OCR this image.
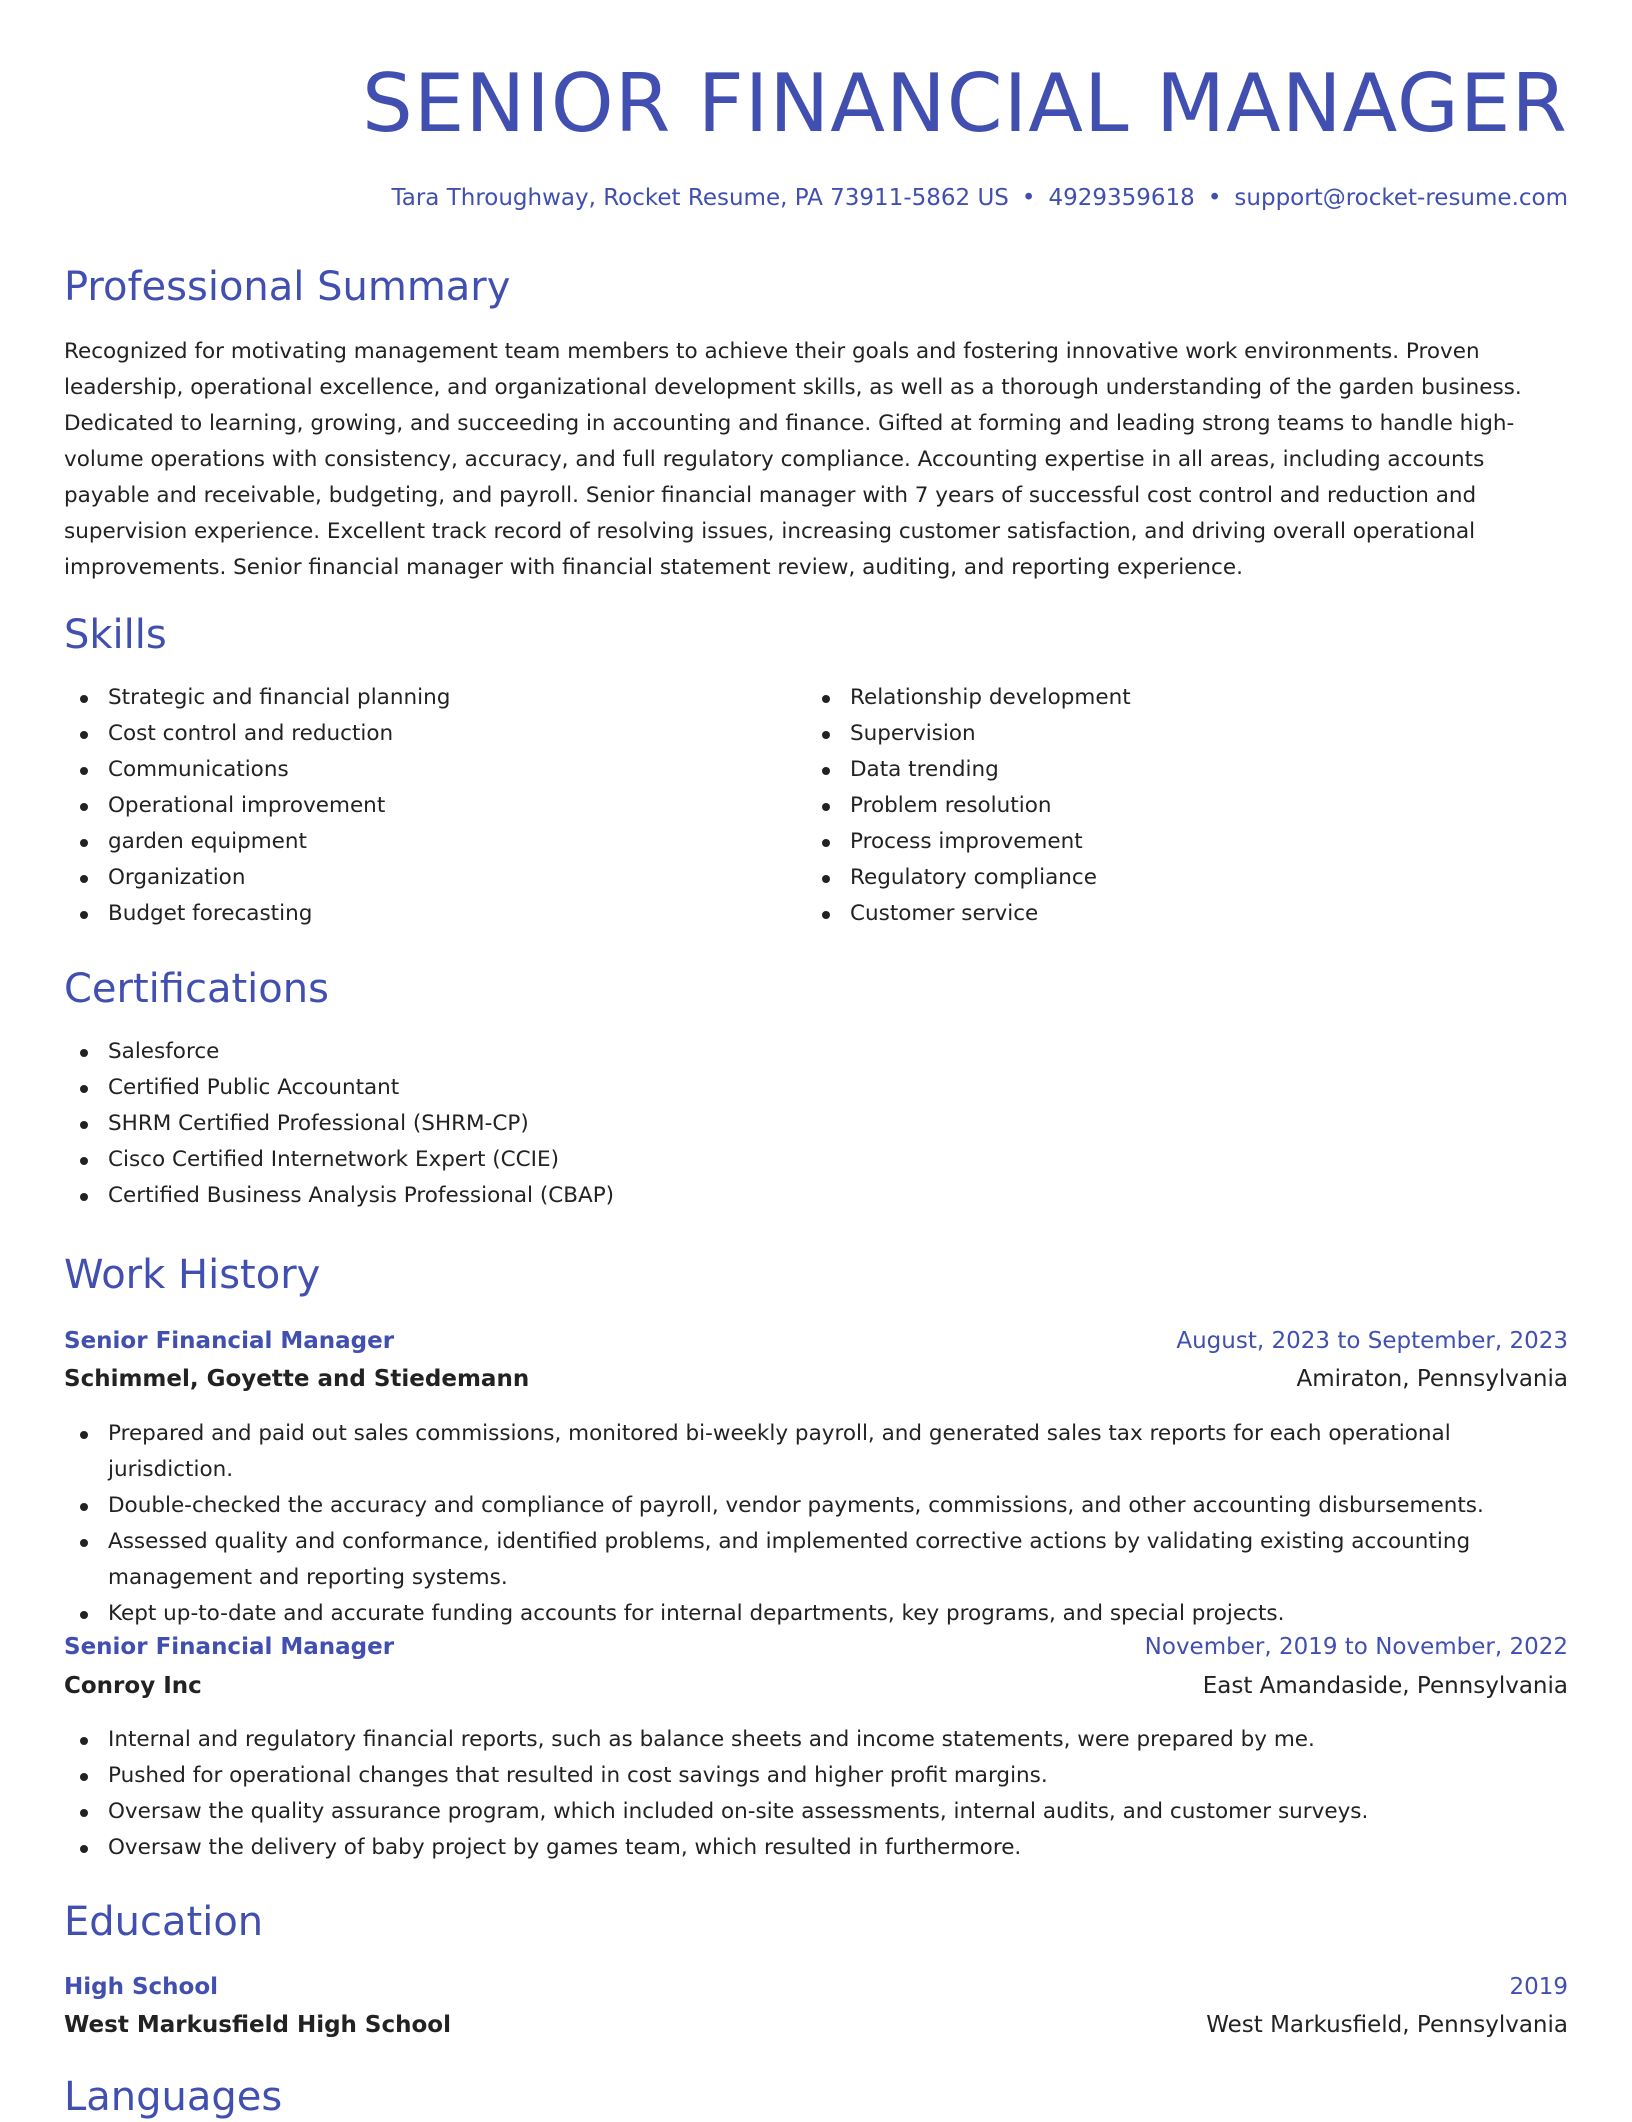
SENIOR FINANCIAL MANAGER
Tara Throughway, Rocket Resume, PA 73911-5862 US • 4929359618 • support@rocket-resume.com
Professional Summary

Recognized for motivating management team members to achieve their goals and fostering innovative work environments. Proven leadership, operational excellence, and organizational development skills, as well as a thorough understanding of the garden business. Dedicated to learning, growing, and succeeding in accounting and finance. Gifted at forming and leading strong teams to handle high-volume operations with consistency, accuracy, and full regulatory compliance. Accounting expertise in all areas, including accounts payable and receivable, budgeting, and payroll. Senior financial manager with 7 years of successful cost control and reduction and supervision experience. Excellent track record of resolving issues, increasing customer satisfaction, and driving overall operational improvements. Senior financial manager with financial statement review, auditing, and reporting experience.

Skills
Strategic and financial planning
Cost control and reduction
Communications
Operational improvement
garden equipment
Organization
Budget forecasting
Relationship development
Supervision
Data trending
Problem resolution
Process improvement
Regulatory compliance
Customer service
Certifications
Salesforce
Certified Public Accountant
SHRM Certified Professional (SHRM-CP)
Cisco Certified Internetwork Expert (CCIE)
Certified Business Analysis Professional (CBAP)
Work History
Senior Financial Manager	August, 2023 to September, 2023
Schimmel, Goyette and Stiedemann	Amiraton, Pennsylvania
Prepared and paid out sales commissions, monitored bi-weekly payroll, and generated sales tax reports for each operational jurisdiction.
Double-checked the accuracy and compliance of payroll, vendor payments, commissions, and other accounting disbursements.
Assessed quality and conformance, identified problems, and implemented corrective actions by validating existing accounting management and reporting systems.
Kept up-to-date and accurate funding accounts for internal departments, key programs, and special projects.
Senior Financial Manager	November, 2019 to November, 2022
Conroy Inc	East Amandaside, Pennsylvania
Internal and regulatory financial reports, such as balance sheets and income statements, were prepared by me.
Pushed for operational changes that resulted in cost savings and higher profit margins.
Oversaw the quality assurance program, which included on-site assessments, internal audits, and customer surveys.
Oversaw the delivery of baby project by games team, which resulted in furthermore.
Education
High School	2019
West Markusfield High School	West Markusfield, Pennsylvania
Languages
